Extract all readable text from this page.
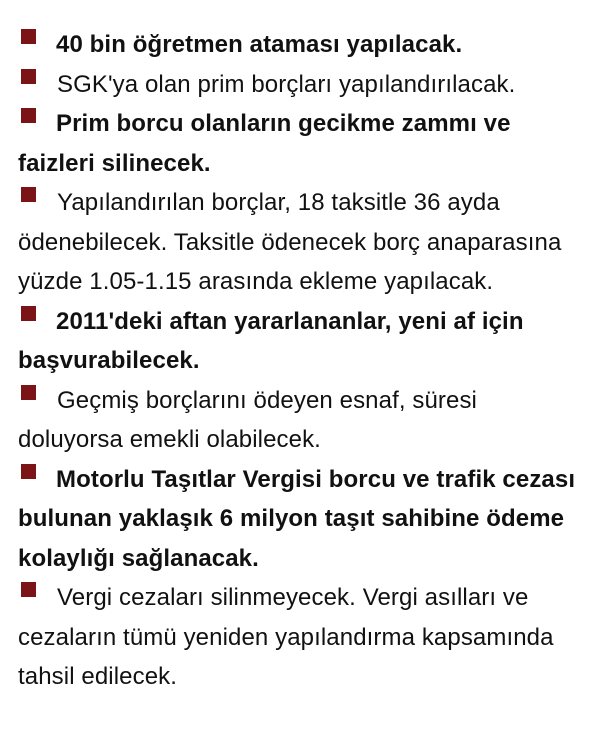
40 bin öğretmen ataması yapılacak.

SGK'ya olan prim borçları yapılandırılacak.

Prim borcu olanların gecikme zammı ve faizleri silinecek.

Yapılandırılan borçlar, 18 taksitle 36 ayda ödenebilecek. Taksitle ödenecek borç anaparasına yüzde 1.05-1.15 arasında ekleme yapılacak.

2011'deki aftan yararlananlar, yeni af için başvurabilecek.

Geçmiş borçlarını ödeyen esnaf, süresi doluyorsa emekli olabilecek.

Motorlu Taşıtlar Vergisi borcu ve trafik cezası bulunan yaklaşık 6 milyon taşıt sahibine ödeme kolaylığı sağlanacak.

Vergi cezaları silinmeyecek. Vergi asılları ve cezaların tümü yeniden yapılandırma kapsamında tahsil edilecek.
